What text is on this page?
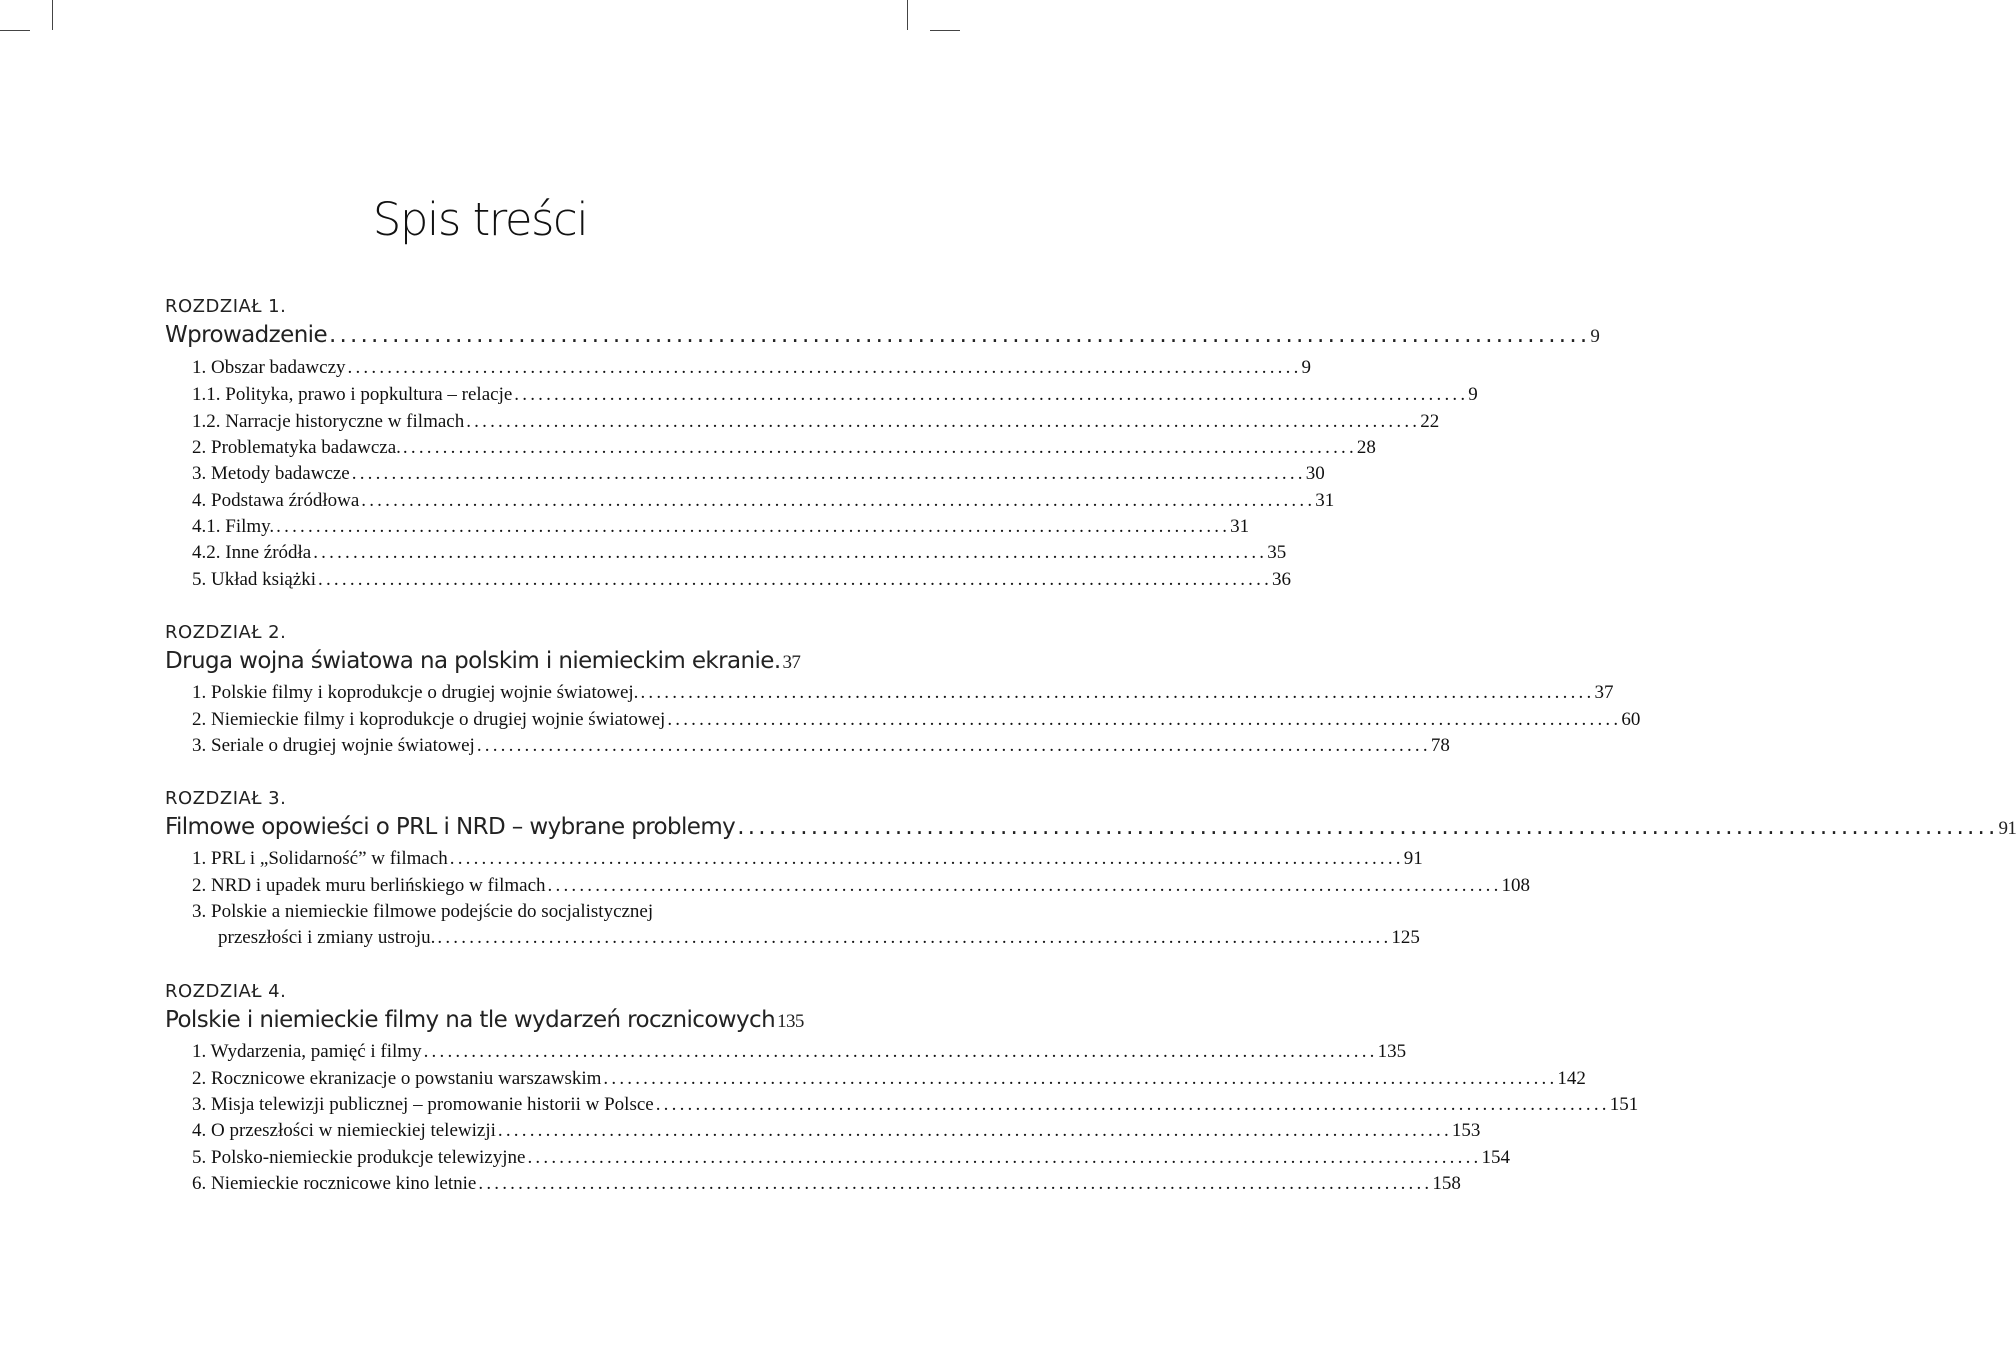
Spis treści
ROZDZIAŁ 1.
Wprowadzenie ........................................................................................................................ 9
1. Obszar badawczy ........................................................................................................................ 9
1.1. Polityka, prawo i popkultura – relacje ........................................................................................................................ 9
1.2. Narracje historyczne w filmach ........................................................................................................................ 22
2. Problematyka badawcza. ........................................................................................................................ 28
3. Metody badawcze ........................................................................................................................ 30
4. Podstawa źródłowa ........................................................................................................................ 31
4.1. Filmy. ........................................................................................................................ 31
4.2. Inne źródła ........................................................................................................................ 35
5. Układ książki ........................................................................................................................ 36
ROZDZIAŁ 2.
Druga wojna światowa na polskim i niemieckim ekranie. 37
1. Polskie filmy i koprodukcje o drugiej wojnie światowej. ........................................................................................................................ 37
2. Niemieckie filmy i koprodukcje o drugiej wojnie światowej ........................................................................................................................ 60
3. Seriale o drugiej wojnie światowej ........................................................................................................................ 78
ROZDZIAŁ 3.
Filmowe opowieści o PRL i NRD – wybrane problemy ........................................................................................................................ 91
1. PRL i „Solidarność” w filmach ........................................................................................................................ 91
2. NRD i upadek muru berlińskiego w filmach ........................................................................................................................ 108
3. Polskie a niemieckie filmowe podejście do socjalistycznej
przeszłości i zmiany ustroju. ........................................................................................................................ 125
ROZDZIAŁ 4.
Polskie i niemieckie filmy na tle wydarzeń rocznicowych 135
1. Wydarzenia, pamięć i filmy ........................................................................................................................ 135
2. Rocznicowe ekranizacje o powstaniu warszawskim ........................................................................................................................ 142
3. Misja telewizji publicznej – promowanie historii w Polsce ........................................................................................................................ 151
4. O przeszłości w niemieckiej telewizji ........................................................................................................................ 153
5. Polsko-niemieckie produkcje telewizyjne ........................................................................................................................ 154
6. Niemieckie rocznicowe kino letnie ........................................................................................................................ 158
